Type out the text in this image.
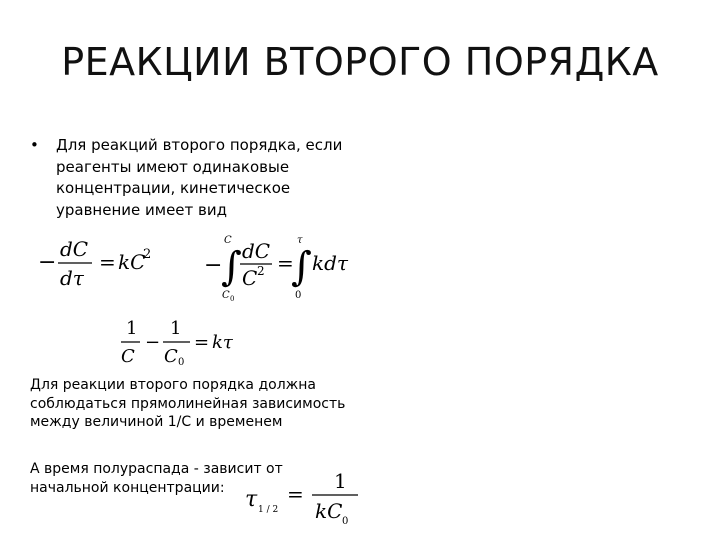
РЕАКЦИИ ВТОРОГО ПОРЯДКА
• Для реакций второго порядка, если реагенты имеют одинаковые концентрации, кинетическое уравнение имеет вид
−
dC
dτ
= kC
2 −
C
∫
C 0
dC
C 2 =
τ
∫
0
kdτ
1
C
−
1
C 0
= kτ
Для реакции второго порядка должна соблюдаться прямолинейная зависимость между величиной 1/С и временем
А время полураспада - зависит от начальной концентрации: τ 1 / 2
=
1
kC 0
